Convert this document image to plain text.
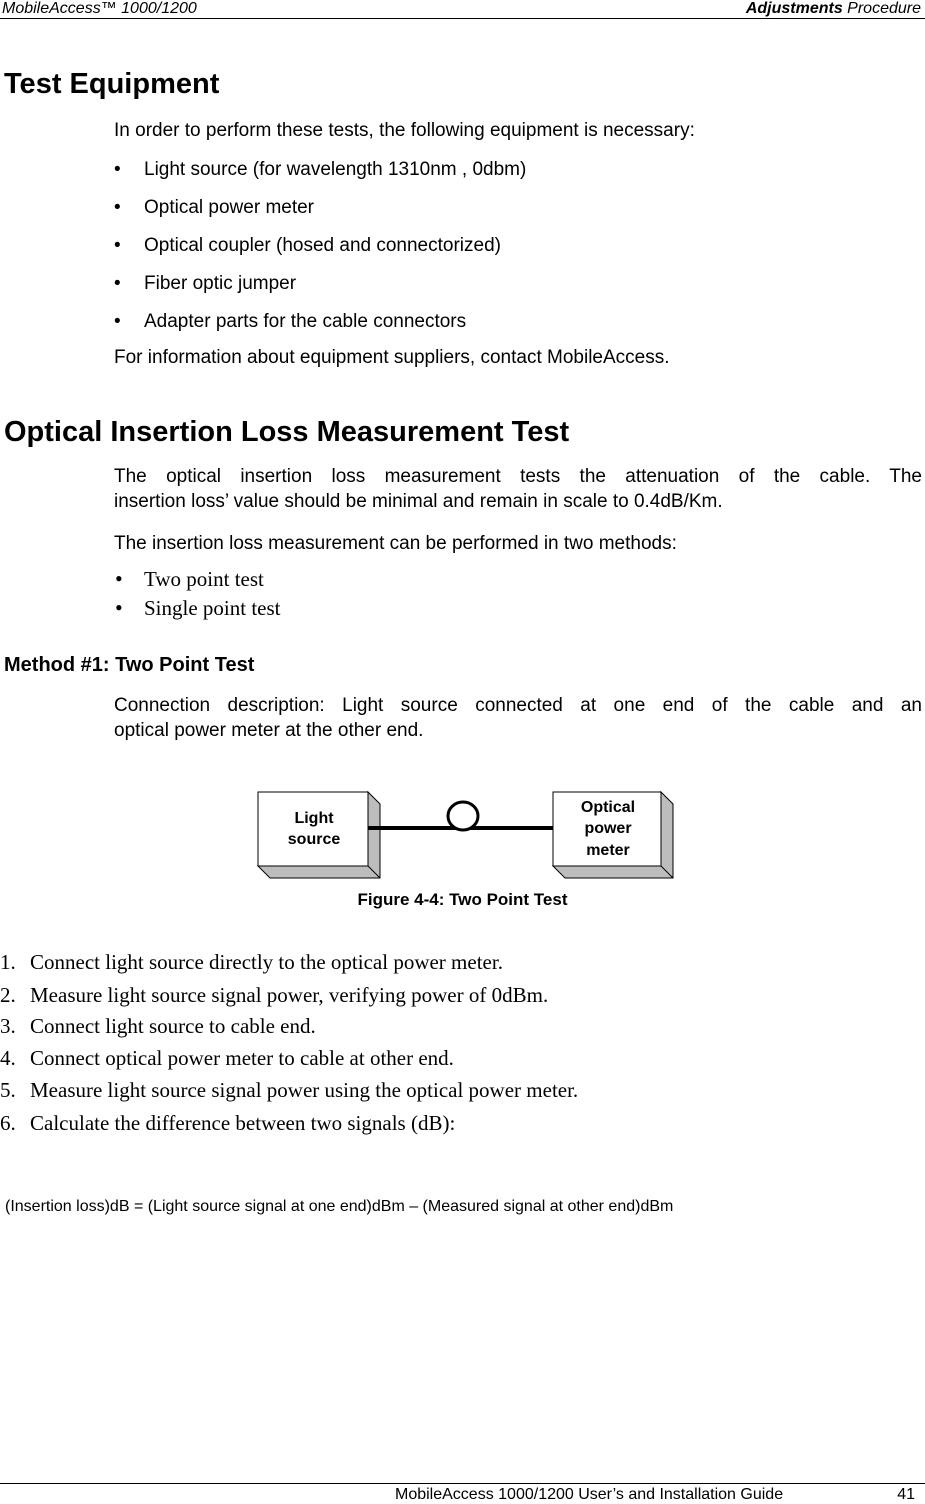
MobileAccess™ 1000/1200	Adjustments Procedure
Test Equipment
In order to perform these tests, the following equipment is necessary:
• Light source (for wavelength 1310nm , 0dbm)
• Optical power meter
• Optical coupler (hosed and connectorized)
• Fiber optic jumper
• Adapter parts for the cable connectors
For information about equipment suppliers, contact MobileAccess.
Optical Insertion Loss Measurement Test
The optical insertion loss measurement tests the attenuation of the cable. The
insertion loss’ value should be minimal and remain in scale to 0.4dB/Km.
The insertion loss measurement can be performed in two methods:
• Two point test
• Single point test
Method #1: Two Point Test
Connection description: Light source connected at one end of the cable and an
optical power meter at the other end.
Light
source
Optical
power
meter
Figure 4-4: Two Point Test
1. Connect light source directly to the optical power meter.
2. Measure light source signal power, verifying power of 0dBm.
3. Connect light source to cable end.
4. Connect optical power meter to cable at other end.
5. Measure light source signal power using the optical power meter.
6. Calculate the difference between two signals (dB):
(Insertion loss)dB = (Light source signal at one end)dBm – (Measured signal at other end)dBm
MobileAccess 1000/1200 User’s and Installation Guide	41
